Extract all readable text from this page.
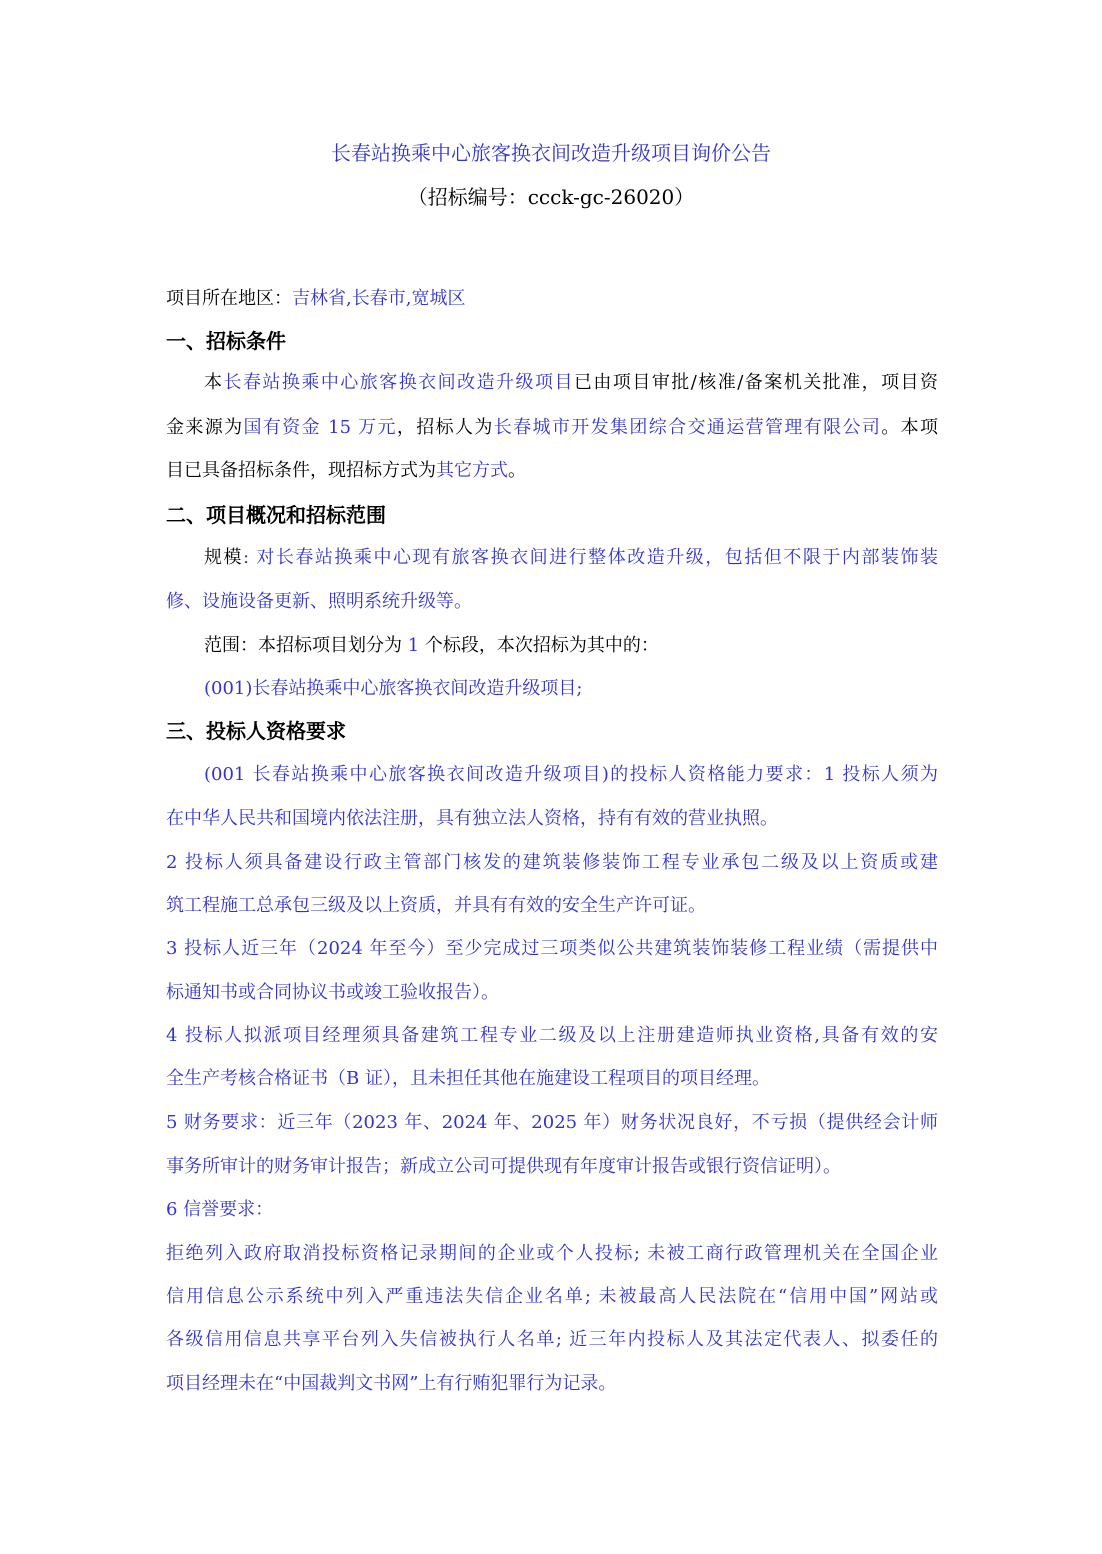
长春站换乘中心旅客换衣间改造升级项目询价公告
（招标编号：ccck-gc-26020）
项目所在地区：吉林省,长春市,宽城区
一、招标条件
本长春站换乘中心旅客换衣间改造升级项目已由项目审批/核准/备案机关批准，项目资
金来源为国有资金 15 万元，招标人为长春城市开发集团综合交通运营管理有限公司。本项
目已具备招标条件，现招标方式为其它方式。
二、项目概况和招标范围
规模: 对长春站换乘中心现有旅客换衣间进行整体改造升级，包括但不限于内部装饰装
修、设施设备更新、照明系统升级等。
范围：本招标项目划分为 1 个标段，本次招标为其中的：
(001)长春站换乘中心旅客换衣间改造升级项目;
三、投标人资格要求
(001 长春站换乘中心旅客换衣间改造升级项目)的投标人资格能力要求：1 投标人须为
在中华人民共和国境内依法注册，具有独立法人资格，持有有效的营业执照。
2 投标人须具备建设行政主管部门核发的建筑装修装饰工程专业承包二级及以上资质或建
筑工程施工总承包三级及以上资质，并具有有效的安全生产许可证。
3 投标人近三年（2024 年至今）至少完成过三项类似公共建筑装饰装修工程业绩（需提供中
标通知书或合同协议书或竣工验收报告）。
4 投标人拟派项目经理须具备建筑工程专业二级及以上注册建造师执业资格,具备有效的安
全生产考核合格证书（B 证），且未担任其他在施建设工程项目的项目经理。
5 财务要求：近三年（2023 年、2024 年、2025 年）财务状况良好，不亏损（提供经会计师
事务所审计的财务审计报告；新成立公司可提供现有年度审计报告或银行资信证明）。
6 信誉要求：
拒绝列入政府取消投标资格记录期间的企业或个人投标; 未被工商行政管理机关在全国企业
信用信息公示系统中列入严重违法失信企业名单; 未被最高人民法院在“信用中国”网站或
各级信用信息共享平台列入失信被执行人名单; 近三年内投标人及其法定代表人、拟委任的
项目经理未在“中国裁判文书网”上有行贿犯罪行为记录。
